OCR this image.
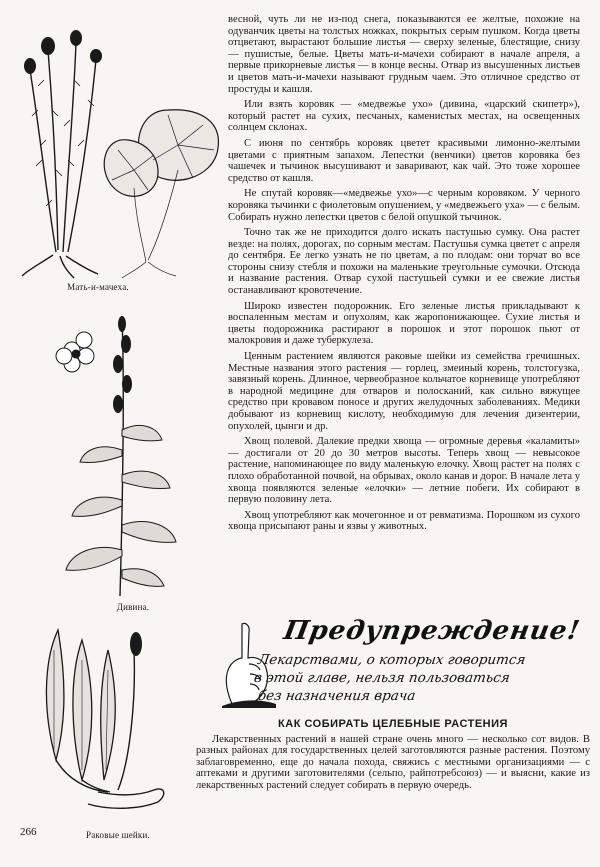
Мать-и-мачеха.
Дивина.
Раковые шейки.

весной, чуть ли не из-под снега, показываются ее желтые, похожие на одуванчик цветы на толстых ножках, покрытых серым пушком. Когда цветы отцветают, вырастают большие листья — сверху зеленые, блестящие, снизу — пушистые, белые. Цветы мать-и-мачехи собирают в начале апреля, а первые прикорневые листья — в конце весны. Отвар из высушенных листьев и цветов мать-и-мачехи называют грудным чаем. Это отличное средство от простуды и кашля.

Или взять коровяк — «медвежье ухо» (дивина, «царский скипетр»), который растет на сухих, песчаных, каменистых местах, на освещенных солнцем склонах.

С июня по сентябрь коровяк цветет красивыми лимонно-желтыми цветами с приятным запахом. Лепестки (венчики) цветов коровяка без чашечек и тычинок высушивают и заваривают, как чай. Это тоже хорошее средство от кашля.

Не спутай коровяк—«медвежье ухо»—с черным коровяком. У черного коровяка тычинки с фиолетовым опушением, у «медвежьего уха» — с белым. Собирать нужно лепестки цветов с белой опушкой тычинок.

Точно так же не приходится долго искать пастушью сумку. Она растет везде: на полях, дорогах, по сорным местам. Пастушья сумка цветет с апреля до сентября. Ее легко узнать не по цветам, а по плодам: они торчат во все стороны снизу стебля и похожи на маленькие треугольные сумочки. Отсюда и название растения. Отвар сухой пастушьей сумки и ее свежие листья останавливают кровотечение.

Широко известен подорожник. Его зеленые листья прикладывают к воспаленным местам и опухолям, как жаропонижающее. Сухие листья и цветы подорожника растирают в порошок и этот порошок пьют от малокровия и даже туберкулеза.

Ценным растением являются раковые шейки из семейства гречишных. Местные названия этого растения — горлец, змеиный корень, толстогузка, завязный корень. Длинное, червеобразное кольчатое корневище употребляют в народной медицине для отваров и полосканий, как сильно вяжущее средство при кровавом поносе и других желудочных заболеваниях. Медики добывают из корневищ кислоту, необходимую для лечения дизентерии, опухолей, цынги и др.

Хвощ полевой. Далекие предки хвоща — огромные деревья «каламиты» — достигали от 20 до 30 метров высоты. Теперь хвощ — невысокое растение, напоминающее по виду маленькую елочку. Хвощ растет на полях с плохо обработанной почвой, на обрывах, около канав и дорог. В начале лета у хвоща появляются зеленые «елочки» — летние побеги. Их собирают в первую половину лета.

Хвощ употребляют как мочегонное и от ревматизма. Порошком из сухого хвоща присыпают раны и язвы у животных.

Предупреждение!
Лекарствами, о которых говорится
в этой главе, нельзя пользоваться
без назначения врача
КАК СОБИРАТЬ ЦЕЛЕБНЫЕ РАСТЕНИЯ

Лекарственных растений в нашей стране очень много — несколько сот видов. В разных районах для государственных целей заготовляются разные растения. Поэтому заблаговременно, еще до начала похода, свяжись с местными организациями — с аптеками и другими заготовителями (сельпо, райпотребсоюз) — и выясни, какие из лекарственных растений следует собирать в первую очередь.

266
